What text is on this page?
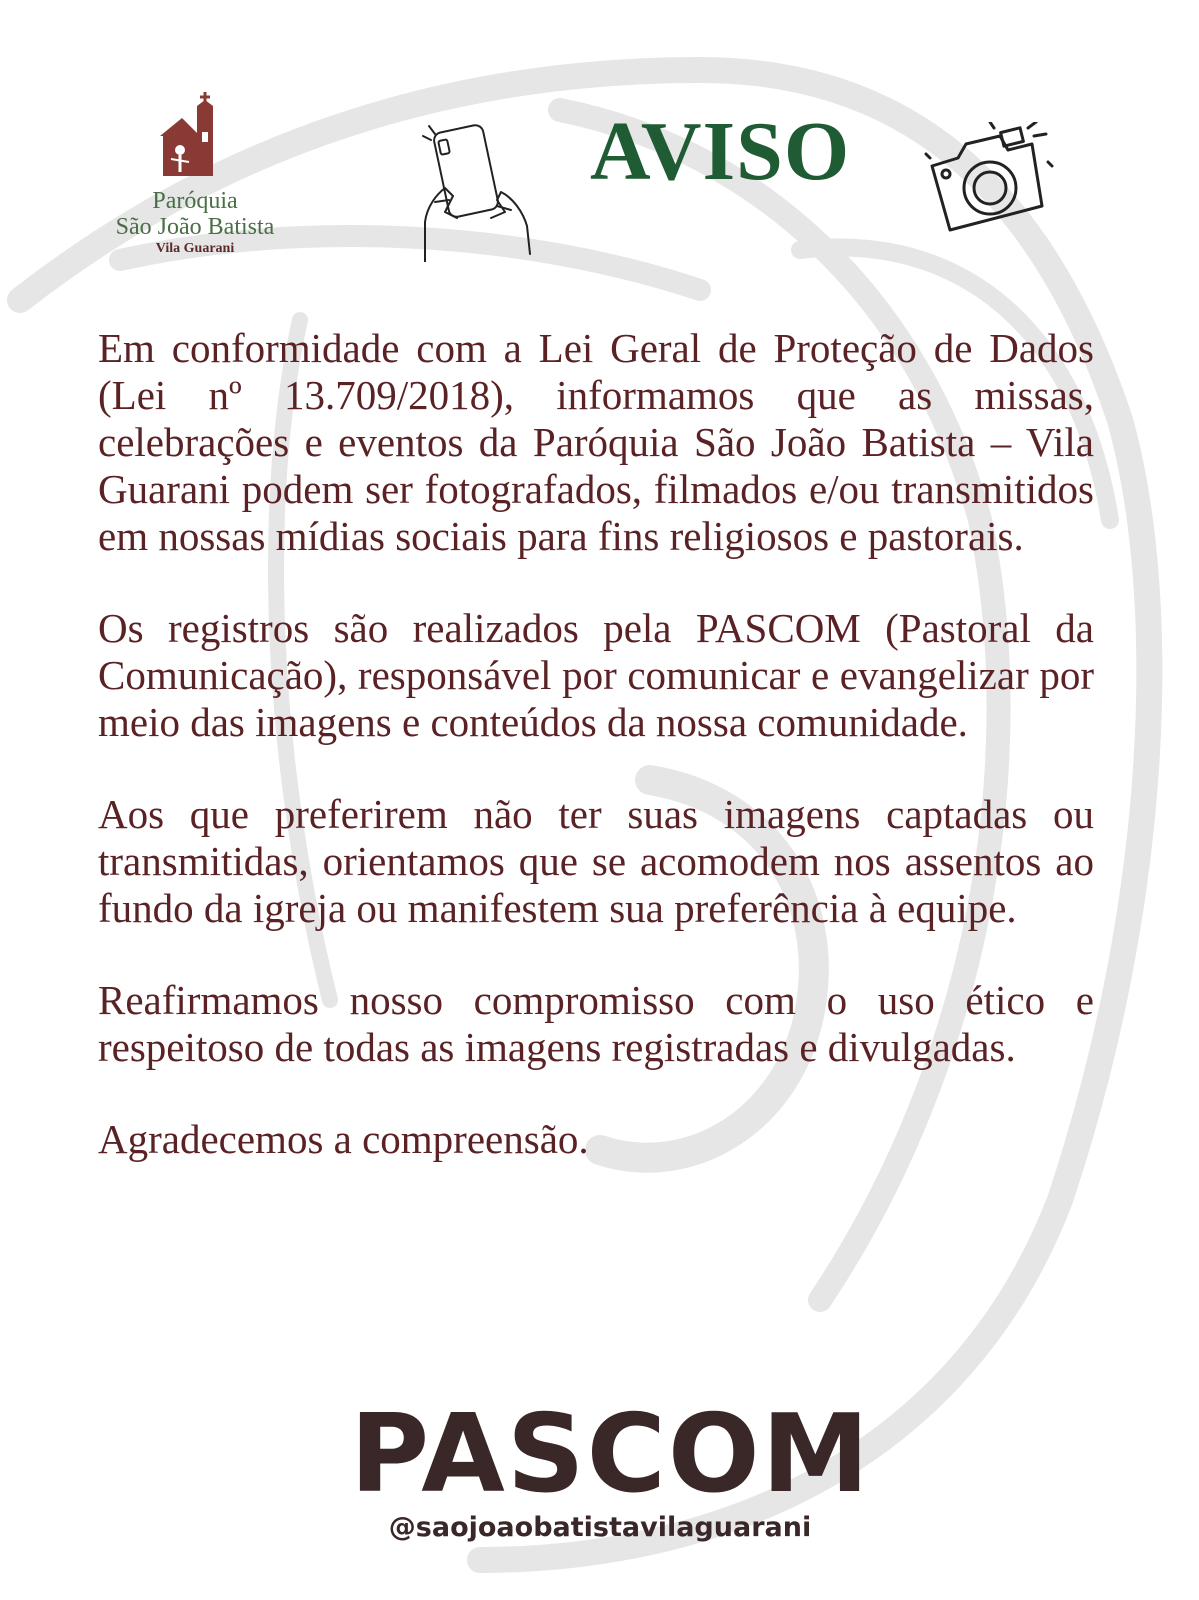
Paróquia
São João Batista
Vila Guarani
AVISO

Em conformidade com a Lei Geral de Proteção de Dados (Lei nº 13.709/2018), informamos que as missas, celebrações e eventos da Paróquia São João Batista – Vila Guarani podem ser fotografados, filmados e/ou transmitidos em nossas mídias sociais para fins religiosos e pastorais.

Os registros são realizados pela PASCOM (Pastoral da Comunicação), responsável por comunicar e evangelizar por meio das imagens e conteúdos da nossa comunidade.

Aos que preferirem não ter suas imagens captadas ou transmitidas, orientamos que se acomodem nos assentos ao fundo da igreja ou manifestem sua preferência à equipe.

Reafirmamos nosso compromisso com o uso ético e respeitoso de todas as imagens registradas e divulgadas.

Agradecemos a compreensão.

PASCOM
@saojoaobatistavilaguarani
